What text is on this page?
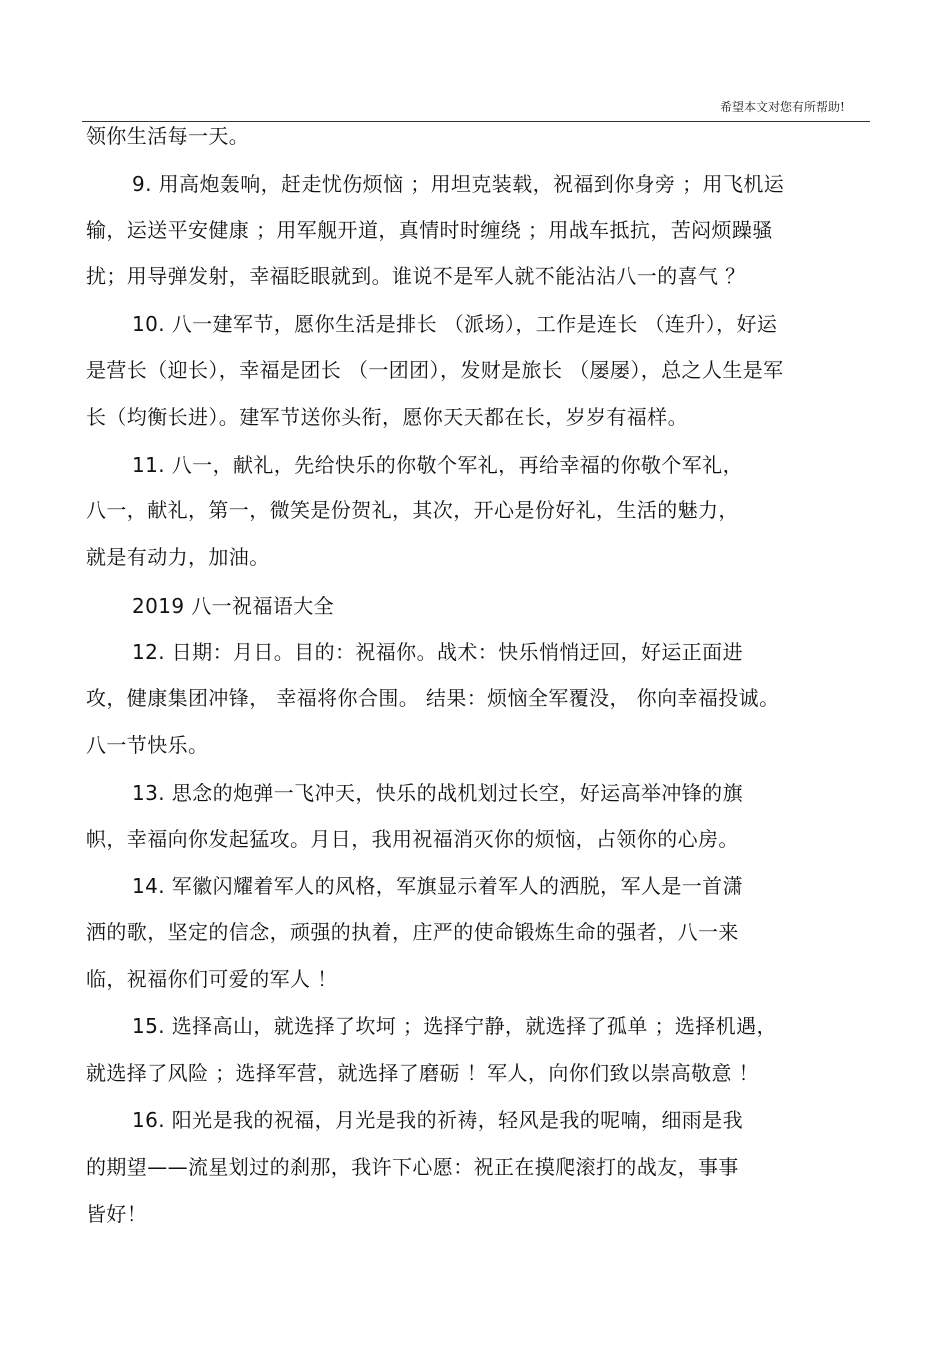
希望本文对您有所帮助!
领你生活每一天。
9. 用高炮轰响，赶走忧伤烦恼 ；用坦克装载，祝福到你身旁 ；用飞机运
输，运送平安健康 ；用军舰开道，真情时时缠绕 ；用战车抵抗，苦闷烦躁骚
扰；用导弹发射，幸福眨眼就到。谁说不是军人就不能沾沾八一的喜气 ？
10. 八一建军节，愿你生活是排长 （派场），工作是连长 （连升），好运
是营长（迎长），幸福是团长 （一团团），发财是旅长 （屡屡），总之人生是军
长（均衡长进）。建军节送你头衔，愿你天天都在长，岁岁有福样。
11. 八一，献礼，先给快乐的你敬个军礼，再给幸福的你敬个军礼，
八一，献礼，第一，微笑是份贺礼，其次，开心是份好礼，生活的魅力，
就是有动力，加油。
2019 八一祝福语大全
12. 日期：月日。目的：祝福你。战术：快乐悄悄迂回，好运正面进
攻，健康集团冲锋， 幸福将你合围。 结果：烦恼全军覆没， 你向幸福投诚。
八一节快乐。
13. 思念的炮弹一飞冲天，快乐的战机划过长空，好运高举冲锋的旗
帜，幸福向你发起猛攻。月日，我用祝福消灭你的烦恼，占领你的心房。
14. 军徽闪耀着军人的风格，军旗显示着军人的洒脱，军人是一首潇
洒的歌，坚定的信念，顽强的执着，庄严的使命锻炼生命的强者，八一来
临，祝福你们可爱的军人 ！
15. 选择高山，就选择了坎坷 ；选择宁静，就选择了孤单 ；选择机遇，
就选择了风险 ；选择军营，就选择了磨砺 ！军人，向你们致以崇高敬意 ！
16. 阳光是我的祝福，月光是我的祈祷，轻风是我的呢喃，细雨是我
的期望——流星划过的刹那，我许下心愿：祝正在摸爬滚打的战友，事事
皆好！
